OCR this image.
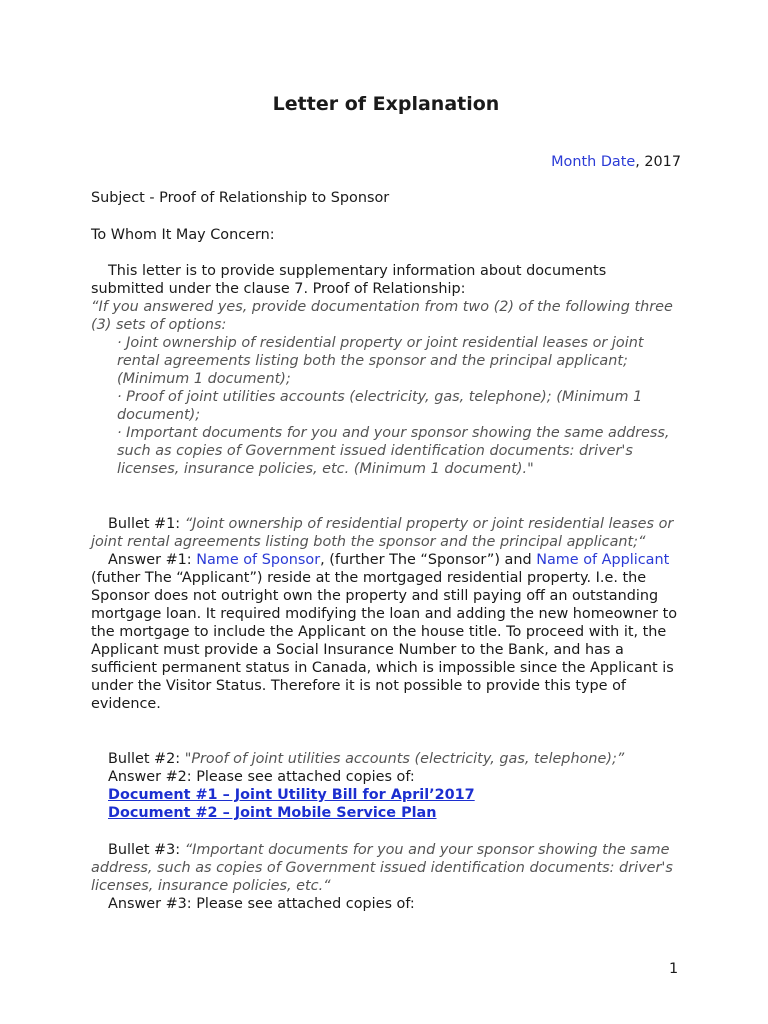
Letter of Explanation
Month Date, 2017
Subject - Proof of Relationship to Sponsor
To Whom It May Concern:

This letter is to provide supplementary information about documents submitted under the clause 7. Proof of Relationship:

“If you answered yes, provide documentation from two (2) of the following three (3) sets of options:

· Joint ownership of residential property or joint residential leases or joint rental agreements listing both the sponsor and the principal applicant; (Minimum 1 document);

· Proof of joint utilities accounts (electricity, gas, telephone); (Minimum 1 document);

· Important documents for you and your sponsor showing the same address, such as copies of Government issued identification documents: driver's licenses, insurance policies, etc. (Minimum 1 document)."

Bullet #1: “Joint ownership of residential property or joint residential leases or joint rental agreements listing both the sponsor and the principal applicant;“

Answer #1: Name of Sponsor, (further The “Sponsor”) and Name of Applicant (futher The “Applicant”) reside at the mortgaged residential property. I.e. the Sponsor does not outright own the property and still paying off an outstanding mortgage loan. It required modifying the loan and adding the new homeowner to the mortgage to include the Applicant on the house title. To proceed with it, the Applicant must provide a Social Insurance Number to the Bank, and has a sufficient permanent status in Canada, which is impossible since the Applicant is under the Visitor Status. Therefore it is not possible to provide this type of evidence.

Bullet #2: "Proof of joint utilities accounts (electricity, gas, telephone);”

Answer #2: Please see attached copies of:

Document #1 – Joint Utility Bill for April’2017
Document #2 – Joint Mobile Service Plan

Bullet #3: “Important documents for you and your sponsor showing the same address, such as copies of Government issued identification documents: driver's licenses, insurance policies, etc.“

Answer #3: Please see attached copies of:

1
